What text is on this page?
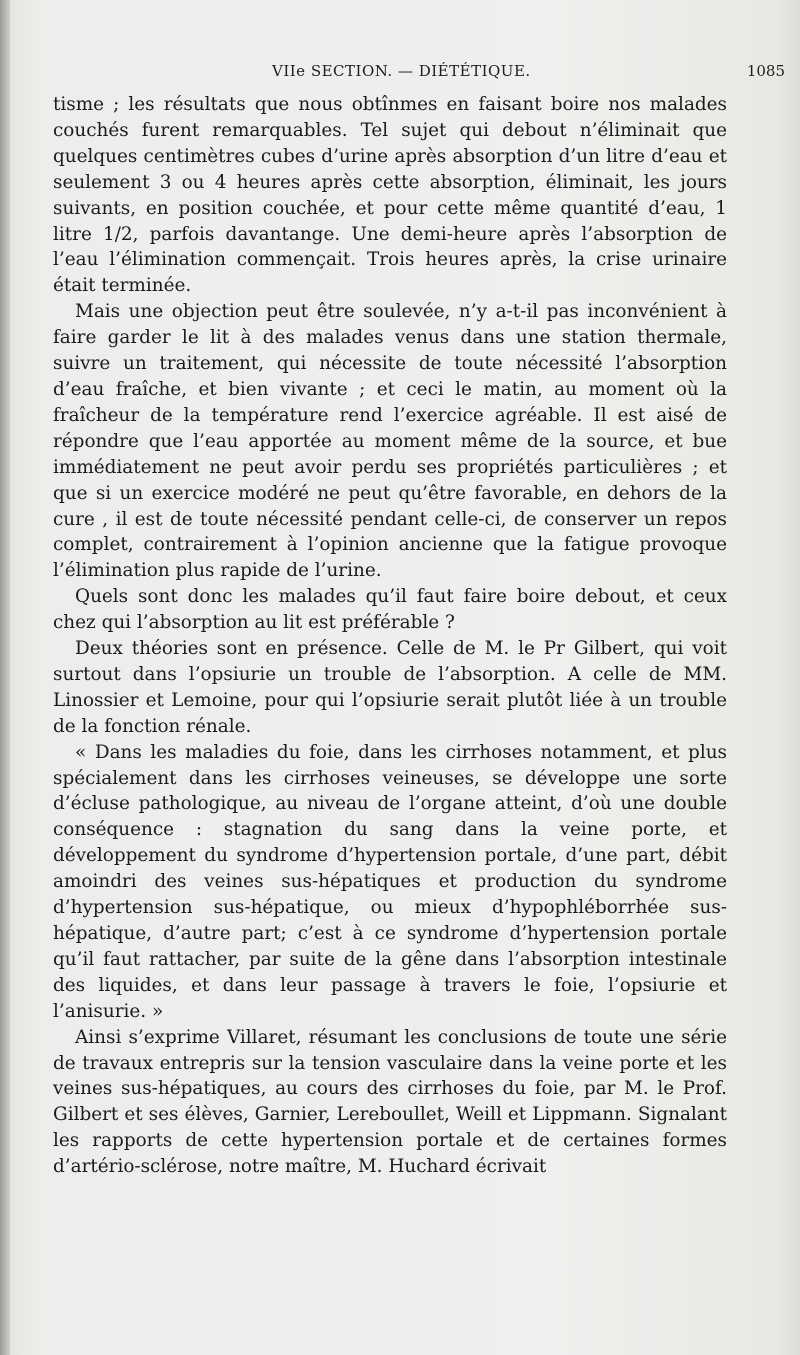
VIIe SECTION. — DIÉTÉTIQUE.	1085

tisme ; les résultats que nous obtînmes en faisant boire nos malades couchés furent remarquables. Tel sujet qui debout n’éliminait que quelques centimètres cubes d’urine après absorption d’un litre d’eau et seulement 3 ou 4 heures après cette absorption, éliminait, les jours suivants, en position couchée, et pour cette même quantité d’eau, 1 litre 1/2, parfois davantange. Une demi-heure après l’absorption de l’eau l’élimination commençait. Trois heures après, la crise urinaire était terminée.

Mais une objection peut être soulevée, n’y a-t-il pas inconvénient à faire garder le lit à des malades venus dans une station thermale, suivre un traitement, qui nécessite de toute nécessité l’absorption d’eau fraîche, et bien vivante ; et ceci le matin, au moment où la fraîcheur de la température rend l’exercice agréable. Il est aisé de répondre que l’eau apportée au moment même de la source, et bue immédiatement ne peut avoir perdu ses propriétés particulières ; et que si un exercice modéré ne peut qu’être favorable, en dehors de la cure , il est de toute nécessité pendant celle-ci, de conserver un repos complet, contrairement à l’opinion ancienne que la fatigue provoque l’élimination plus rapide de l’urine.

Quels sont donc les malades qu’il faut faire boire debout, et ceux chez qui l’absorption au lit est préférable ?

Deux théories sont en présence. Celle de M. le Pr Gilbert, qui voit surtout dans l’opsiurie un trouble de l’absorption. A celle de MM. Linossier et Lemoine, pour qui l’opsiurie serait plutôt liée à un trouble de la fonction rénale.

« Dans les maladies du foie, dans les cirrhoses notamment, et plus spécialement dans les cirrhoses veineuses, se développe une sorte d’écluse pathologique, au niveau de l’organe atteint, d’où une double conséquence : stagnation du sang dans la veine porte, et développement du syndrome d’hypertension portale, d’une part, débit amoindri des veines sus-hépatiques et production du syndrome d’hypertension sus-hépatique, ou mieux d’hypophléborrhée sus-hépatique, d’autre part; c’est à ce syndrome d’hypertension portale qu’il faut rattacher, par suite de la gêne dans l’absorption intestinale des liquides, et dans leur passage à travers le foie, l’opsiurie et l’anisurie. »

Ainsi s’exprime Villaret, résumant les conclusions de toute une série de travaux entrepris sur la tension vasculaire dans la veine porte et les veines sus-hépatiques, au cours des cirrhoses du foie, par M. le Prof. Gilbert et ses élèves, Garnier, Lereboullet, Weill et Lippmann. Signalant les rapports de cette hypertension portale et de certaines formes d’artério-sclérose, notre maître, M. Huchard écrivait
